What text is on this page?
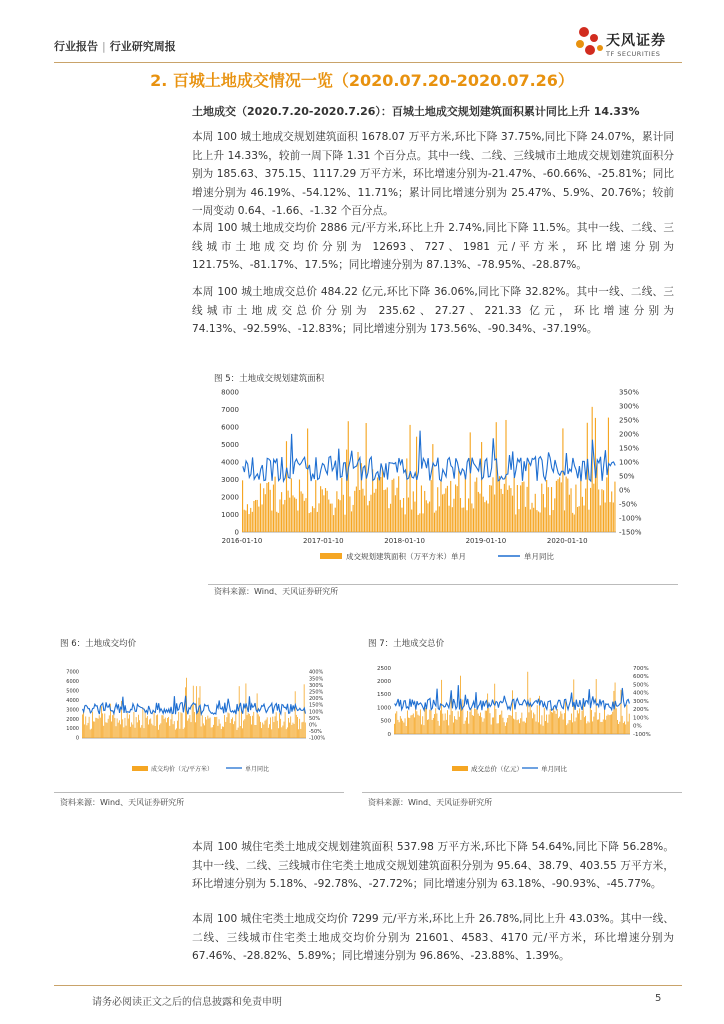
行业报告 | 行业研究周报	天风证券
TF SECURITIES
2. 百城土地成交情况一览（2020.07.20-2020.07.26）
土地成交（2020.7.20-2020.7.26）：百城土地成交规划建筑面积累计同比上升 14.33%
本周 100 城土地成交规划建筑面积 1678.07 万平方米,环比下降 37.75%,同比下降 24.07%，累计同比上升 14.33%，较前一周下降 1.31 个百分点。其中一线、二线、三线城市土地成交规划建筑面积分别为 185.63、375.15、1117.29 万平方米，环比增速分别为-21.47%、-60.66%、-25.81%；同比增速分别为 46.19%、-54.12%、11.71%；累计同比增速分别为 25.47%、5.9%、20.76%；较前一周变动 0.64、-1.66、-1.32 个百分点。
本周 100 城土地成交均价 2886 元/平方米,环比上升 2.74%,同比下降 11.5%。其中一线、二线、三线城市土地成交均价分别为 12693、727、1981 元/平方米，环比增速分别为 121.75%、-81.17%、17.5%；同比增速分别为 87.13%、-78.95%、-28.87%。
本周 100 城土地成交总价 484.22 亿元,环比下降 36.06%,同比下降 32.82%。其中一线、二线、三线城市土地成交总价分别为 235.62、27.27、221.33 亿元，环比增速分别为 74.13%、-92.59%、-12.83%；同比增速分别为 173.56%、-90.34%、-37.19%。
图 5：土地成交规划建筑面积
8000
7000
6000
5000
4000
3000
2000
1000
0
350%
300%
250%
200%
150%
100%
50%
0%
-50%
-100%
-150%
2016-01-10	2017-01-10	2018-01-10	2019-01-10	2020-01-10
成交规划建筑面积（万平方米）单月	单月同比
资料来源：Wind、天风证券研究所
图 6：土地成交均价
7000
6000
5000
4000
3000
2000
1000
0
400%
350%
300%
250%
200%
150%
100%
50%
0%
-50%
-100%
成交均价（元/平方米）	单月同比
资料来源：Wind、天风证券研究所
图 7：土地成交总价
2500
2000
1500
1000
500
0
700%
600%
500%
400%
300%
200%
100%
0%
-100%
成交总价（亿元）	单月同比
资料来源：Wind、天风证券研究所
本周 100 城住宅类土地成交规划建筑面积 537.98 万平方米,环比下降 54.64%,同比下降 56.28%。其中一线、二线、三线城市住宅类土地成交规划建筑面积分别为 95.64、38.79、403.55 万平方米，环比增速分别为 5.18%、-92.78%、-27.72%；同比增速分别为 63.18%、-90.93%、-45.77%。
本周 100 城住宅类土地成交均价 7299 元/平方米,环比上升 26.78%,同比上升 43.03%。其中一线、二线、三线城市住宅类土地成交均价分别为 21601、4583、4170 元/平方米，环比增速分别为 67.46%、-28.82%、5.89%；同比增速分别为 96.86%、-23.88%、1.39%。
请务必阅读正文之后的信息披露和免责申明	5
